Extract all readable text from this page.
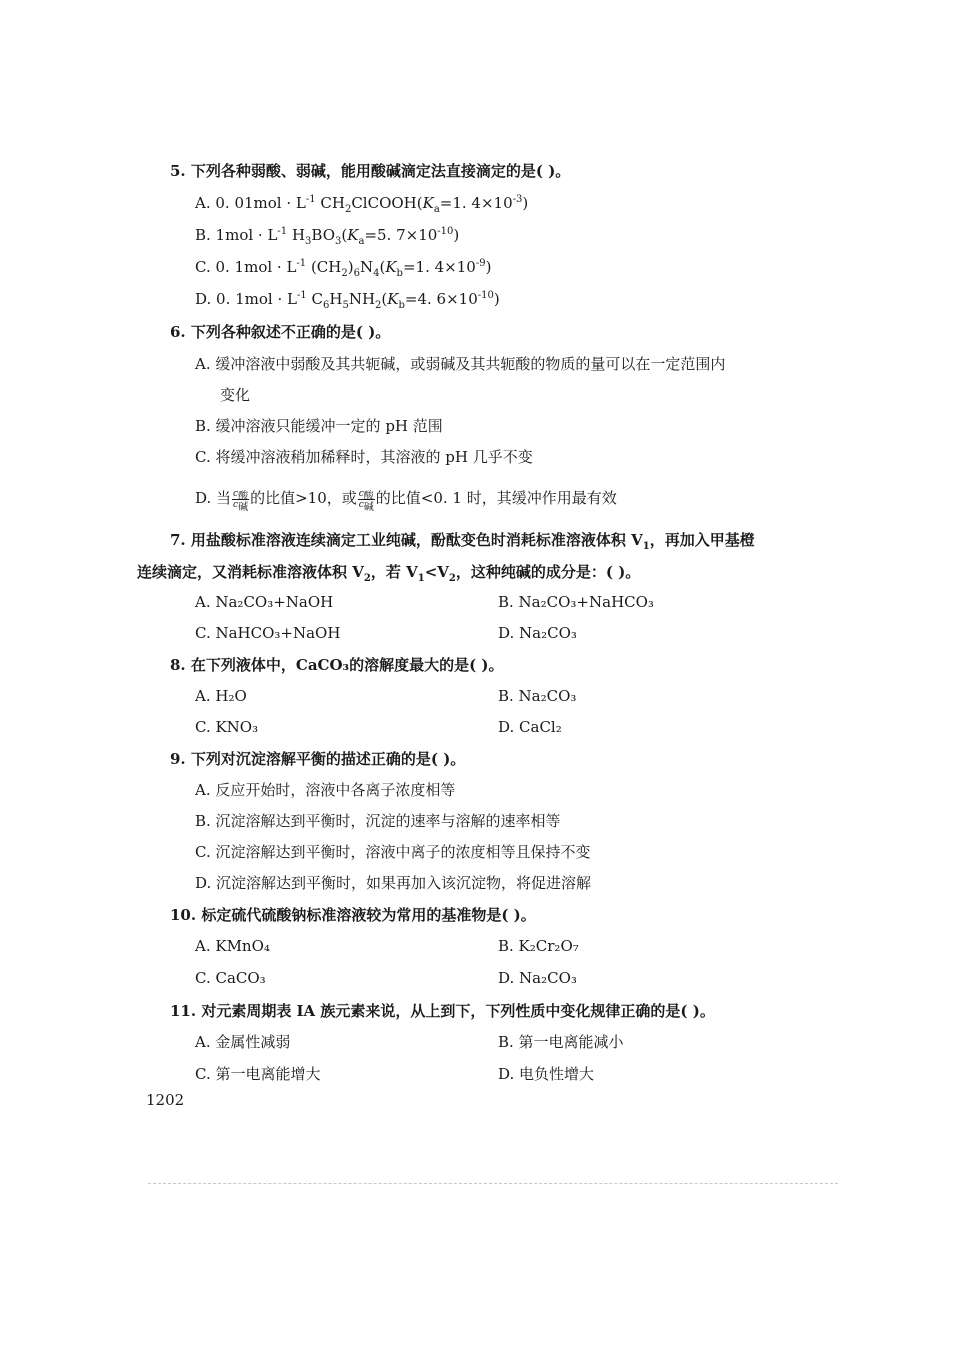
5. 下列各种弱酸、弱碱，能用酸碱滴定法直接滴定的是( )。
A. 0. $01mol \cdot L^{-1}$ $CH_2ClCOOH(K_a=1$. $4\times 10^{-3}$)
B. $1mol \cdot L^{-1}$ $H_3BO_3(K_a=5$. $7\times 10^{-10}$)
C. 0. $1mol \cdot L^{-1}$ $(CH_2)_6N_4(K_b=1$. $4\times 10^{-9}$)
D. 0. $1mol \cdot L^{-1}$ $C_6H_5NH_2(K_b=4$. $6\times 10^{-10}$)
6. 下列各种叙述不正确的是( )。
A. 缓冲溶液中弱酸及其共轭碱，或弱碱及其共轭酸的物质的量可以在一定范围内
变化
B. 缓冲溶液只能缓冲一定的 pH 范围
C. 将缓冲溶液稍加稀释时，其溶液的 pH 几乎不变
D. 当 $\frac{c_酸}{c_碱}$ 的比值>10，或 $\frac{c_酸}{c_碱}$ 的比值<0. 1 时，其缓冲作用最有效
7. 用盐酸标准溶液连续滴定工业纯碱，酚酞变色时消耗标准溶液体积 $V_1$，再加入甲基橙
连续滴定，又消耗标准溶液体积 $V_2$，若 $V_1<V_2$，这种纯碱的成分是：( )。
A. Na₂CO₃+NaOH	B. Na₂CO₃+NaHCO₃
C. NaHCO₃+NaOH	D. Na₂CO₃
8. 在下列液体中，CaCO₃的溶解度最大的是( )。
A. H₂O	B. Na₂CO₃
C. KNO₃	D. CaCl₂
9. 下列对沉淀溶解平衡的描述正确的是( )。
A. 反应开始时，溶液中各离子浓度相等
B. 沉淀溶解达到平衡时，沉淀的速率与溶解的速率相等
C. 沉淀溶解达到平衡时，溶液中离子的浓度相等且保持不变
D. 沉淀溶解达到平衡时，如果再加入该沉淀物，将促进溶解
10. 标定硫代硫酸钠标准溶液较为常用的基准物是( )。
A. KMnO₄	B. K₂Cr₂O₇
C. CaCO₃	D. Na₂CO₃
11. 对元素周期表 IA 族元素来说，从上到下，下列性质中变化规律正确的是( )。
A. 金属性减弱	B. 第一电离能减小
C. 第一电离能增大	D. 电负性增大
1202
